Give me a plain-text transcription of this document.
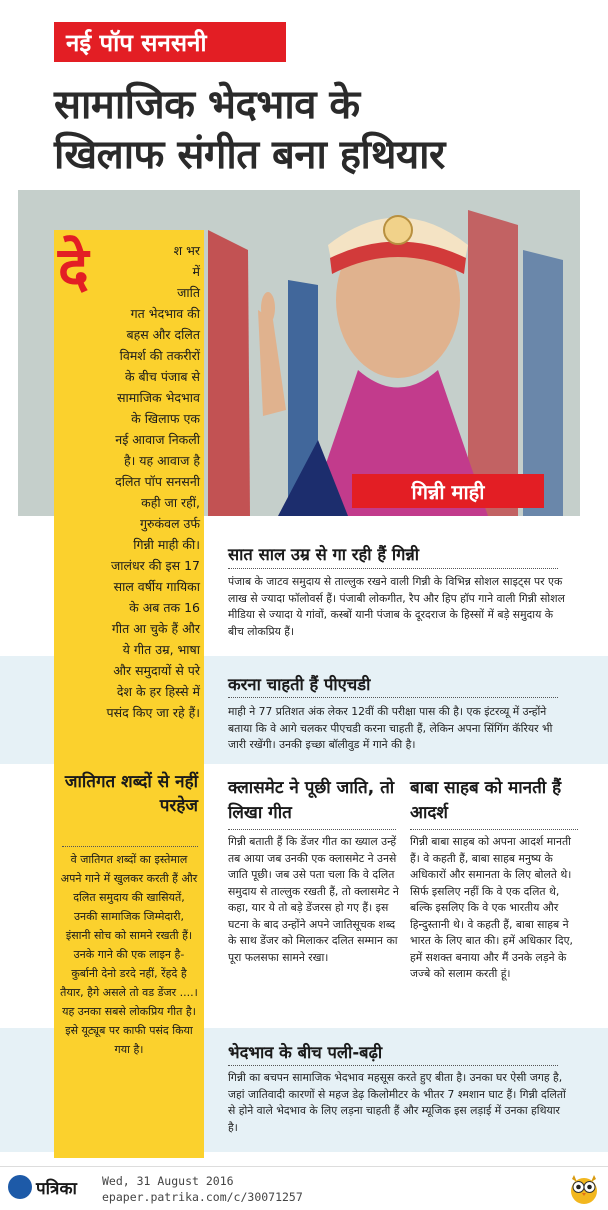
नई पॉप सनसनी
सामाजिक भेदभाव के
खिलाफ संगीत बना हथियार
गिन्नी माही
दे	श भर
में
जाति
गत भेदभाव की
बहस और दलित
विमर्श की तकरीरों
के बीच पंजाब से
सामाजिक भेदभाव
के खिलाफ एक
नई आवाज निकली
है। यह आवाज है
दलित पॉप सनसनी
कही जा रहीं,
गुरुकंवल उर्फ
गिन्नी माही की।
जालंधर की इस 17
साल वर्षीय गायिका
के अब तक 16
गीत आ चुके हैं और
ये गीत उम्र, भाषा
और समुदायों से परे
देश के हर हिस्से में
पसंद किए जा रहे हैं।
जातिगत शब्दों से नहीं परहेज
वे जातिगत शब्दों का इस्तेमाल अपने गाने में खुलकर करती हैं और दलित समुदाय की खासियतें, उनकी सामाजिक जिम्मेदारी, इंसानी सोच को सामने रखती हैं। उनके गाने की एक लाइन है- कुर्बानी देनो डरदे नहीं, रेंहदे है तैयार, हैगे असले तो वड डेंजर ....। यह उनका सबसे लोकप्रिय गीत है। इसे यूट्यूब पर काफी पसंद किया गया है।
सात साल उम्र से गा रही हैं गिन्नी
पंजाब के जाटव समुदाय से ताल्लुक रखने वाली गिन्नी के विभिन्न सोशल साइट्स पर एक लाख से ज्यादा फॉलोवर्स हैं। पंजाबी लोकगीत, रैप और हिप हॉप गाने वाली गिन्नी सोशल मीडिया से ज्यादा ये गांवों, कस्बों यानी पंजाब के दूरदराज के हिस्सों में बड़े समुदाय के बीच लोकप्रिय हैं।
करना चाहती हैं पीएचडी
माही ने 77 प्रतिशत अंक लेकर 12वीं की परीक्षा पास की है। एक इंटरव्यू में उन्होंने बताया कि वे आगे चलकर पीएचडी करना चाहती हैं, लेकिन अपना सिंगिंग कॅरियर भी जारी रखेंगी। उनकी इच्छा बॉलीवुड में गाने की है।
क्लासमेट ने पूछी जाति, तो लिखा गीत
गिन्नी बताती हैं कि डेंजर गीत का ख्याल उन्हें तब आया जब उनकी एक क्लासमेट ने उनसे जाति पूछी। जब उसे पता चला कि वे दलित समुदाय से ताल्लुक रखती हैं, तो क्लासमेट ने कहा, यार ये तो बड़े डेंजरस हो गए हैं। इस घटना के बाद उन्होंने अपने जातिसूचक शब्द के साथ डेंजर को मिलाकर दलित सम्मान का पूरा फलसफा सामने रखा।
बाबा साहब को मानती हैं आदर्श
गिन्नी बाबा साहब को अपना आदर्श मानती हैं। वे कहती हैं, बाबा साहब मनुष्य के अधिकारों और समानता के लिए बोलते थे। सिर्फ इसलिए नहीं कि वे एक दलित थे, बल्कि इसलिए कि वे एक भारतीय और हिन्दुस्तानी थे। वे कहती हैं, बाबा साहब ने भारत के लिए बात की। हमें अधिकार दिए, हमें सशक्त बनाया और मैं उनके लड़ने के जज्बे को सलाम करती हूं।
भेदभाव के बीच पली-बढ़ी
गिन्नी का बचपन सामाजिक भेदभाव महसूस करते हुए बीता है। उनका घर ऐसी जगह है, जहां जातिवादी कारणों से महज डेढ़ किलोमीटर के भीतर 7 श्मशान घाट हैं। गिन्नी दलितों से होने वाले भेदभाव के लिए लड़ना चाहती हैं और म्यूजिक इस लड़ाई में उनका हथियार है।
पत्रिका Wed, 31 August 2016
epaper.patrika.com/c/30071257
